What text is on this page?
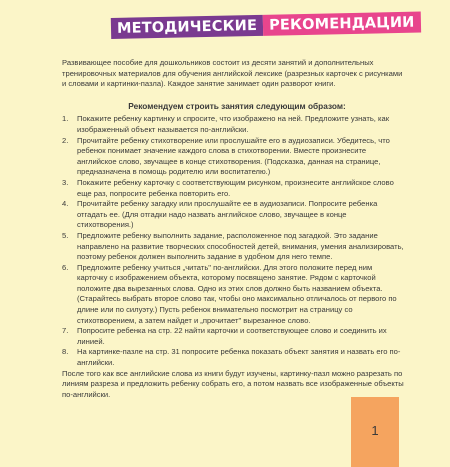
МЕТОДИЧЕСКИЕ РЕКОМЕНДАЦИИ

Развивающее пособие для дошкольников состоит из десяти занятий и дополнительных тренировочных материалов для обучения английской лексике (разрезных карточек с рисунками и словами и картинки-пазла). Каждое занятие занимает один разворот книги.

Рекомендуем строить занятия следующим образом:

1. Покажите ребенку картинку и спросите, что изображено на ней. Предложите узнать, как изображенный объект называется по-английски.
2. Прочитайте ребенку стихотворение или прослушайте его в аудиозаписи. Убедитесь, что ребенок понимает значение каждого слова в стихотворении. Вместе произнесите английское слово, звучащее в конце стихотворения. (Подсказка, данная на странице, предназначена в помощь родителю или воспитателю.)
3. Покажите ребенку карточку с соответствующим рисунком, произнесите английское слово еще раз, попросите ребенка повторить его.
4. Прочитайте ребенку загадку или прослушайте ее в аудиозаписи. Попросите ребенка отгадать ее. (Для отгадки надо назвать английское слово, звучащее в конце стихотворения.)
5. Предложите ребенку выполнить задание, расположенное под загадкой. Это задание направлено на развитие творческих способностей детей, внимания, умения анализировать, поэтому ребенок должен выполнить задание в удобном для него темпе.
6. Предложите ребенку учиться „читать" по-английски. Для этого положите перед ним карточку с изображением объекта, которому посвящено занятие. Рядом с карточкой положите два вырезанных слова. Одно из этих слов должно быть названием объекта. (Старайтесь выбрать второе слово так, чтобы оно максимально отличалось от первого по длине или по силуэту.) Пусть ребенок внимательно посмотрит на страницу со стихотворением, а затем найдет и „прочитает" вырезанное слово.
7. Попросите ребенка на стр. 22 найти карточки и соответствующее слово и соединить их линией.
8. На картинке-пазле на стр. 31 попросите ребенка показать объект занятия и назвать его по-английски.

После того как все английские слова из книги будут изучены, картинку-пазл можно разрезать по линиям разреза и предложить ребенку собрать его, а потом назвать все изображенные объекты по-английски.

1
